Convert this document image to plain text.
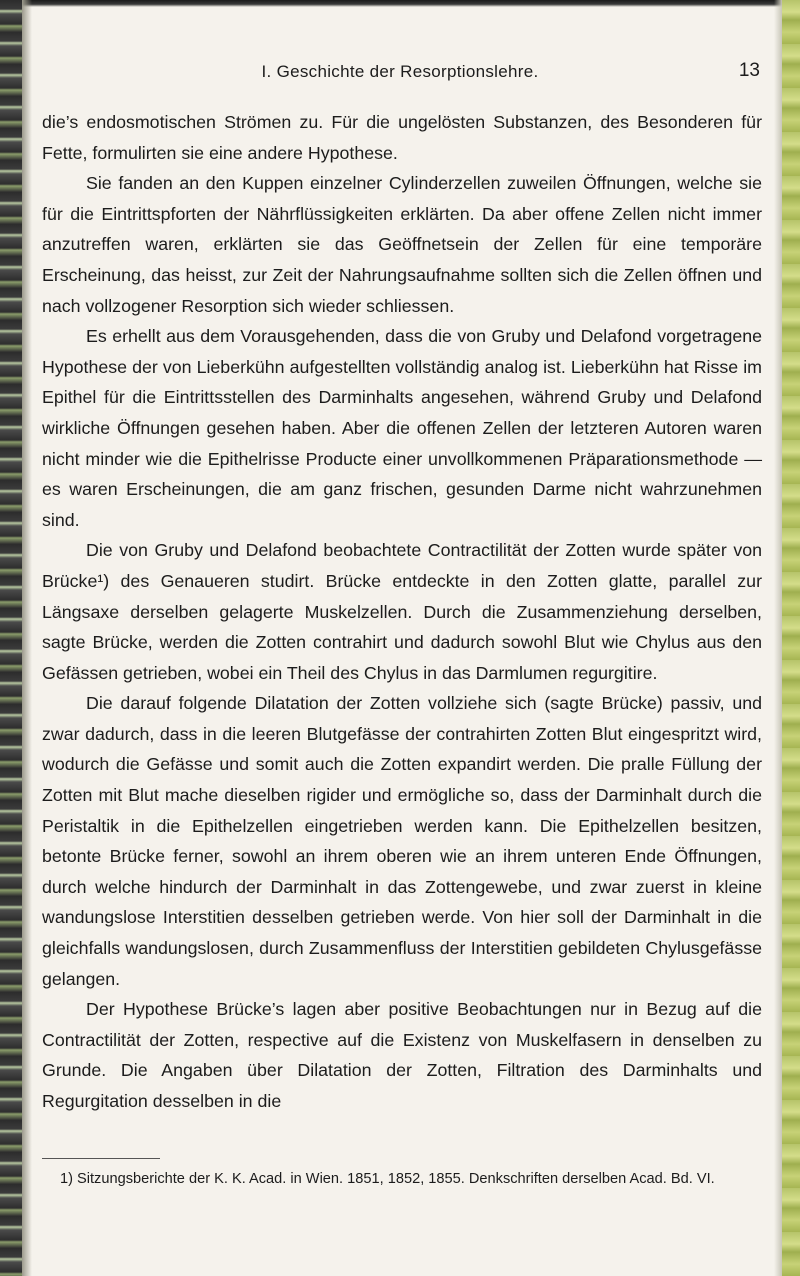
I. Geschichte der Resorptionslehre.	13

die’s endosmotischen Strömen zu. Für die ungelösten Substanzen, des Besonderen für Fette, formulirten sie eine andere Hypothese.

Sie fanden an den Kuppen einzelner Cylinderzellen zuweilen Öffnungen, welche sie für die Eintrittspforten der Nährflüssigkeiten erklärten. Da aber offene Zellen nicht immer anzutreffen waren, erklärten sie das Geöffnetsein der Zellen für eine temporäre Erscheinung, das heisst, zur Zeit der Nahrungsaufnahme sollten sich die Zellen öffnen und nach vollzogener Resorption sich wieder schliessen.

Es erhellt aus dem Vorausgehenden, dass die von Gruby und Delafond vorgetragene Hypothese der von Lieberkühn aufgestellten vollständig analog ist. Lieberkühn hat Risse im Epithel für die Eintrittsstellen des Darminhalts angesehen, während Gruby und Delafond wirkliche Öffnungen gesehen haben. Aber die offenen Zellen der letzteren Autoren waren nicht minder wie die Epithelrisse Producte einer unvollkommenen Präparationsmethode — es waren Erscheinungen, die am ganz frischen, gesunden Darme nicht wahrzunehmen sind.

Die von Gruby und Delafond beobachtete Contractilität der Zotten wurde später von Brücke¹) des Genaueren studirt. Brücke entdeckte in den Zotten glatte, parallel zur Längsaxe derselben gelagerte Muskelzellen. Durch die Zusammenziehung derselben, sagte Brücke, werden die Zotten contrahirt und dadurch sowohl Blut wie Chylus aus den Gefässen getrieben, wobei ein Theil des Chylus in das Darmlumen regurgitire.

Die darauf folgende Dilatation der Zotten vollziehe sich (sagte Brücke) passiv, und zwar dadurch, dass in die leeren Blutgefässe der contrahirten Zotten Blut eingespritzt wird, wodurch die Gefässe und somit auch die Zotten expandirt werden. Die pralle Füllung der Zotten mit Blut mache dieselben rigider und ermögliche so, dass der Darminhalt durch die Peristaltik in die Epithelzellen eingetrieben werden kann. Die Epithelzellen besitzen, betonte Brücke ferner, sowohl an ihrem oberen wie an ihrem unteren Ende Öffnungen, durch welche hindurch der Darminhalt in das Zottengewebe, und zwar zuerst in kleine wandungslose Interstitien desselben getrieben werde. Von hier soll der Darminhalt in die gleichfalls wandungslosen, durch Zusammenfluss der Interstitien gebildeten Chylusgefässe gelangen.

Der Hypothese Brücke’s lagen aber positive Beobachtungen nur in Bezug auf die Contractilität der Zotten, respective auf die Existenz von Muskelfasern in denselben zu Grunde. Die Angaben über Dilatation der Zotten, Filtration des Darminhalts und Regurgitation desselben in die

1) Sitzungsberichte der K. K. Acad. in Wien. 1851, 1852, 1855. Denkschriften derselben Acad. Bd. VI.
